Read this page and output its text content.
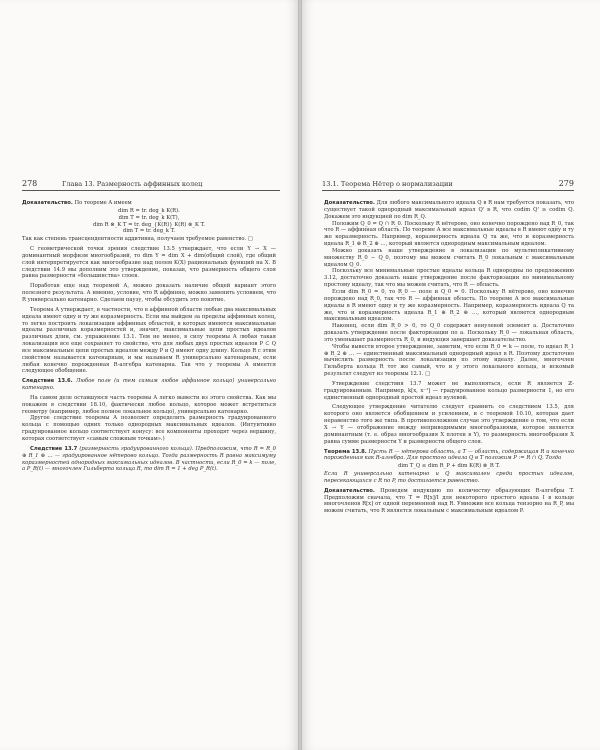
278	Глава 13. Размерность аффинных колец

Доказательство. По теореме A имеем

dim R = tr. deg_k K(R).
dim T = tr. deg_k K(T),
dim R ⊗_K T = tr. deg_{K(R)} K(R) ⊗_K T.
dim T = tr. deg_k T.

Так как степень трансцендентности аддитивна, получаем требуемое равенство. □

С геометрической точки зрения следствие 13.5 утверждает, что если Y → X — доминантный морфизм многообразий, то dim Y = dim X + dim(общий слой), где общий слой интерпретируется как многообразие над полем K(X) рациональных функций на X. В следствии 14.9 мы дополним это утверждение, показав, что размерность общего слоя равна размерности «большинства» слоев.

Поработав еще над теоремой A, можно доказать наличие общей вариант этого полезного результата. А именно, условие, что R аффинно, можно заменить условием, что R универсально катенарно. Сделаем паузу, чтобы обсудить это понятие.

Теорема A утверждает, в частности, что в аффинной области любые два максимальных идеала имеют одну и ту же коразмерность. Если мы выйдем за пределы аффинных колец, то легко построить локализации аффинных областей, в которых имеются максимальные идеалы различных коразмерностей и, значит, максимальные цепи простых идеалов различных длин, см. упражнение 13.1. Тем не менее, в силу теоремы A любая такая локализация все еще сохраняет то свойство, что для любых двух простых идеалов P ⊂ Q все максимальные цепи простых идеалов между P и Q имеют одну длину. Кольцо R с этим свойством называется катенарным, и мы называем R универсально катенарным, если любая конечно порожденная R-алгебра катенарна. Так что у теоремы A имеется следующее обобщение.

Следствие 13.6. Любое поле (и тем самым любое аффинное кольцо) универсально катенарно.

На самом деле оставшуюся часть теоремы A легко вывести из этого свойства. Как мы покажем в следствии 18.10, фактически любое кольцо, которое может встретиться геометру (например, любое полное локальное кольцо), универсально катенарно.

Другое следствие теоремы A позволяет определить размерность градуированного кольца с помощью одних только однородных максимальных идеалов. (Интуитивно градуированное кольцо соответствует конусу: все компоненты проходят через вершину, которая соответствует «самым сложным точкам».)

Следствие 13.7 (размерность градуированного кольца). Предположим, что R = R_0 ⊕ R_1 ⊕ … — градуированное нётерово кольцо. Тогда размерность R равна максимуму коразмерностей однородных максимальных идеалов. В частности, если R_0 = k — поле, а P_R(t) — многочлен Гильберта кольца R, то dim R = 1 + deg P_R(t).

13.1. Теорема Нётер о нормализации	279

Доказательство. Для любого максимального идеала Q в R нам требуется показать, что существует такой однородный максимальный идеал Q' в R, что codim Q' ≥ codim Q. Докажем это индукцией по dim R_Q.

Положим Q_0 = Q ∩ R_0. Поскольку R нётерово, оно конечно порождено над R_0, так что R — аффинная область. По теореме A все максимальные идеалы в R имеют одну и ту же коразмерность. Например, коразмерность идеала Q та же, что и коразмерность идеала R_1 ⊕ R_2 ⊕ …, который является однородным максимальным идеалом.

Можно доказать наше утверждение в локализации по мультипликативному множеству R_0 − Q_0, поэтому мы можем считать R_0 локальным с максимальным идеалом Q_0.

Поскольку все минимальные простые идеалы кольца R однородны по предложению 3.12, достаточно доказать наше утверждение после факторизации по минимальному простому идеалу, так что мы можем считать, что R — область.

Если dim R_0 = 0, то R_0 — поле и Q_0 = 0. Поскольку R нётерово, оно конечно порождено над R_0, так что R — аффинная область. По теореме A все максимальные идеалы в R имеют одну и ту же коразмерность. Например, коразмерность идеала Q та же, что и коразмерность идеала R_1 ⊕ R_2 ⊕ …, который является однородным максимальным идеалом.

Наконец, если dim R_0 > 0, то Q_0 содержит ненулевой элемент a. Достаточно доказать утверждение после факторизации по a. Поскольку R_0 — локальная область, это уменьшает размерность R_0, и индукция завершает доказательство.

Чтобы вывести второе утверждение, заметим, что если R_0 = k — поле, то идеал R_1 ⊕ R_2 ⊕ … — единственный максимальный однородный идеал в R. Поэтому достаточно вычислить размерность после локализации по этому идеалу. Далее, многочлен Гильберта кольца R тот же самый, что и у этого локального кольца, и искомый результат следует из теоремы 12.1. □

Утверждение следствия 13.7 может не выполняться, если R является ℤ-градуированным. Например, k[x, x⁻¹] — градуированное кольцо размерности 1, но его единственный однородный простой идеал нулевой.

Следующее утверждение читателю следует сравнить со следствием 13.5, для которого оно является обобщением и усилением, и с теоремой 10.10, которая дает неравенство того же типа. В противоположном случае это утверждение о том, что если X → Y — отображение между неприводимыми многообразиями, которое является доминантным (т. е. образ многообразия X плотен в Y), то размерность многообразия X равна сумме размерности Y и размерности общего слоя.

Теорема 13.8. Пусть R — нётерова область, а T — область, содержащая R и конечно порожденная как R-алгебра. Для простого идеала Q в T положим P := R ∩ Q. Тогда

dim T_Q ≤ dim R_P + dim K(R) ⊗_R T.

Если R универсально катенарно и Q максимален среди простых идеалов, пересекающихся с R по P, то достигается равенство.

Доказательство. Проведем индукцию по количеству образующих R-алгебры T. Предположим сначала, что T = R[x]/I для некоторого простого идеала I в кольце многочленов R[x] от одной переменной над R. Умножив все кольца тензорно на R_P, мы можем считать, что R является локальным с максимальным идеалом P.
